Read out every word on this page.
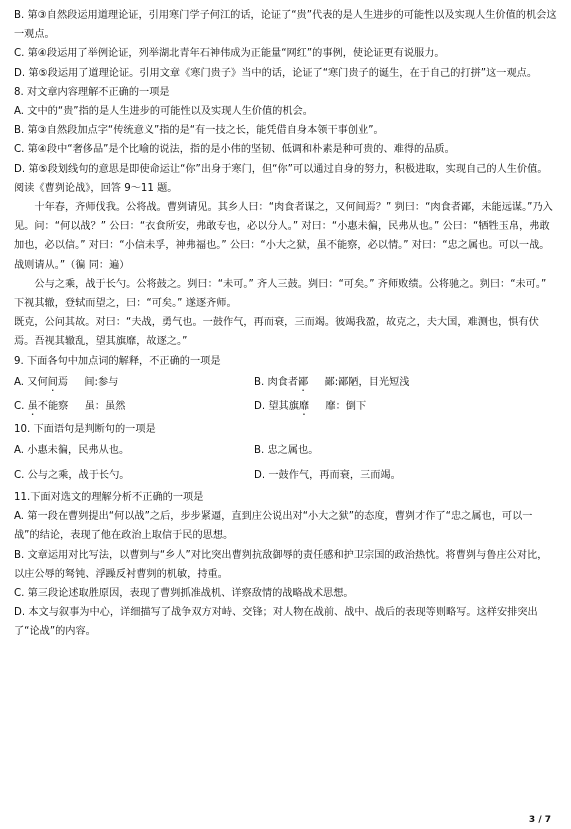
B. 第③自然段运用道理论证，引用寒门学子何江的话，论证了“贵”代表的是人生进步的可能性以及实现人生价值的机会这一观点。
C. 第④段运用了举例论证，列举湖北青年石神伟成为正能量“网红”的事例，使论证更有说服力。
D. 第⑤段运用了道理论证。引用文章《寒门贵子》当中的话，论证了“寒门贵子的诞生，在于自己的打拼”这一观点。
8. 对文章内容理解不正确的一项是
A. 文中的“贵”指的是人生进步的可能性以及实现人生价值的机会。
B. 第③自然段加点字“传统意义”指的是“有一技之长，能凭借自身本领干事创业”。
C. 第④段中“奢侈品”是个比喻的说法，指的是小伟的坚韧、低调和朴素是种可贵的、难得的品质。
D. 第⑤段划线句的意思是即使命运让“你”出身于寒门，但“你”可以通过自身的努力，积极进取，实现自己的人生价值。
阅读《曹刿论战》，回答 9～11 题。
十年春，齐师伐我。公将战。曹刿请见。其乡人曰：“肉食者谋之，又何间焉？” 刿曰：“肉食者鄙，未能远谋。”乃入见。问：“何以战？” 公曰：“衣食所安，弗敢专也，必以分人。” 对曰：“小惠未徧，民弗从也。” 公曰：“牺牲玉帛，弗敢加也，必以信。” 对曰：“小信未孚，神弗福也。” 公曰：“小大之狱，虽不能察，必以情。” 对曰：“忠之属也。可以一战。战则请从。”（徧 同：遍）
公与之乘，战于长勺。公将鼓之。刿曰：“未可。” 齐人三鼓。刿曰：“可矣。” 齐师败绩。公将驰之。刿曰：“未可。” 下视其辙，登轼而望之，曰：“可矣。” 遂逐齐师。
既克，公问其故。对曰：“夫战，勇气也。一鼓作气，再而衰，三而竭。彼竭我盈，故克之，夫大国，难测也，惧有伏焉。吾视其辙乱，望其旗靡，故逐之。”
9. 下面各句中加点词的解释，不正确的一项是
A. 又何间焉 间:参与	B. 肉食者鄙 鄙:鄙陋，目光短浅
C. 虽不能察 虽：虽然	D. 望其旗靡 靡：倒下
10. 下面语句是判断句的一项是
A. 小惠未徧，民弗从也。	B. 忠之属也。
C. 公与之乘，战于长勺。	D. 一鼓作气，再而衰，三而竭。
11.下面对选文的理解分析不正确的一项是
A. 第一段在曹刿提出“何以战”之后，步步紧逼，直到庄公说出对“小大之狱”的态度，曹刿才作了“忠之属也，可以一战”的结论，表现了他在政治上取信于民的思想。
B. 文章运用对比写法，以曹刿与“乡人”对比突出曹刿抗敌御辱的责任感和护卫宗国的政治热忱。将曹刿与鲁庄公对比，以庄公辱的驽钝、浮躁反衬曹刿的机敏，持重。
C. 第三段论述取胜原因，表现了曹刿抓准战机、详察敌情的战略战术思想。
D. 本文与叙事为中心，详细描写了战争双方对峙、交锋；对人物在战前、战中、战后的表现等则略写。这样安排突出了“论战”的内容。
3 / 7
